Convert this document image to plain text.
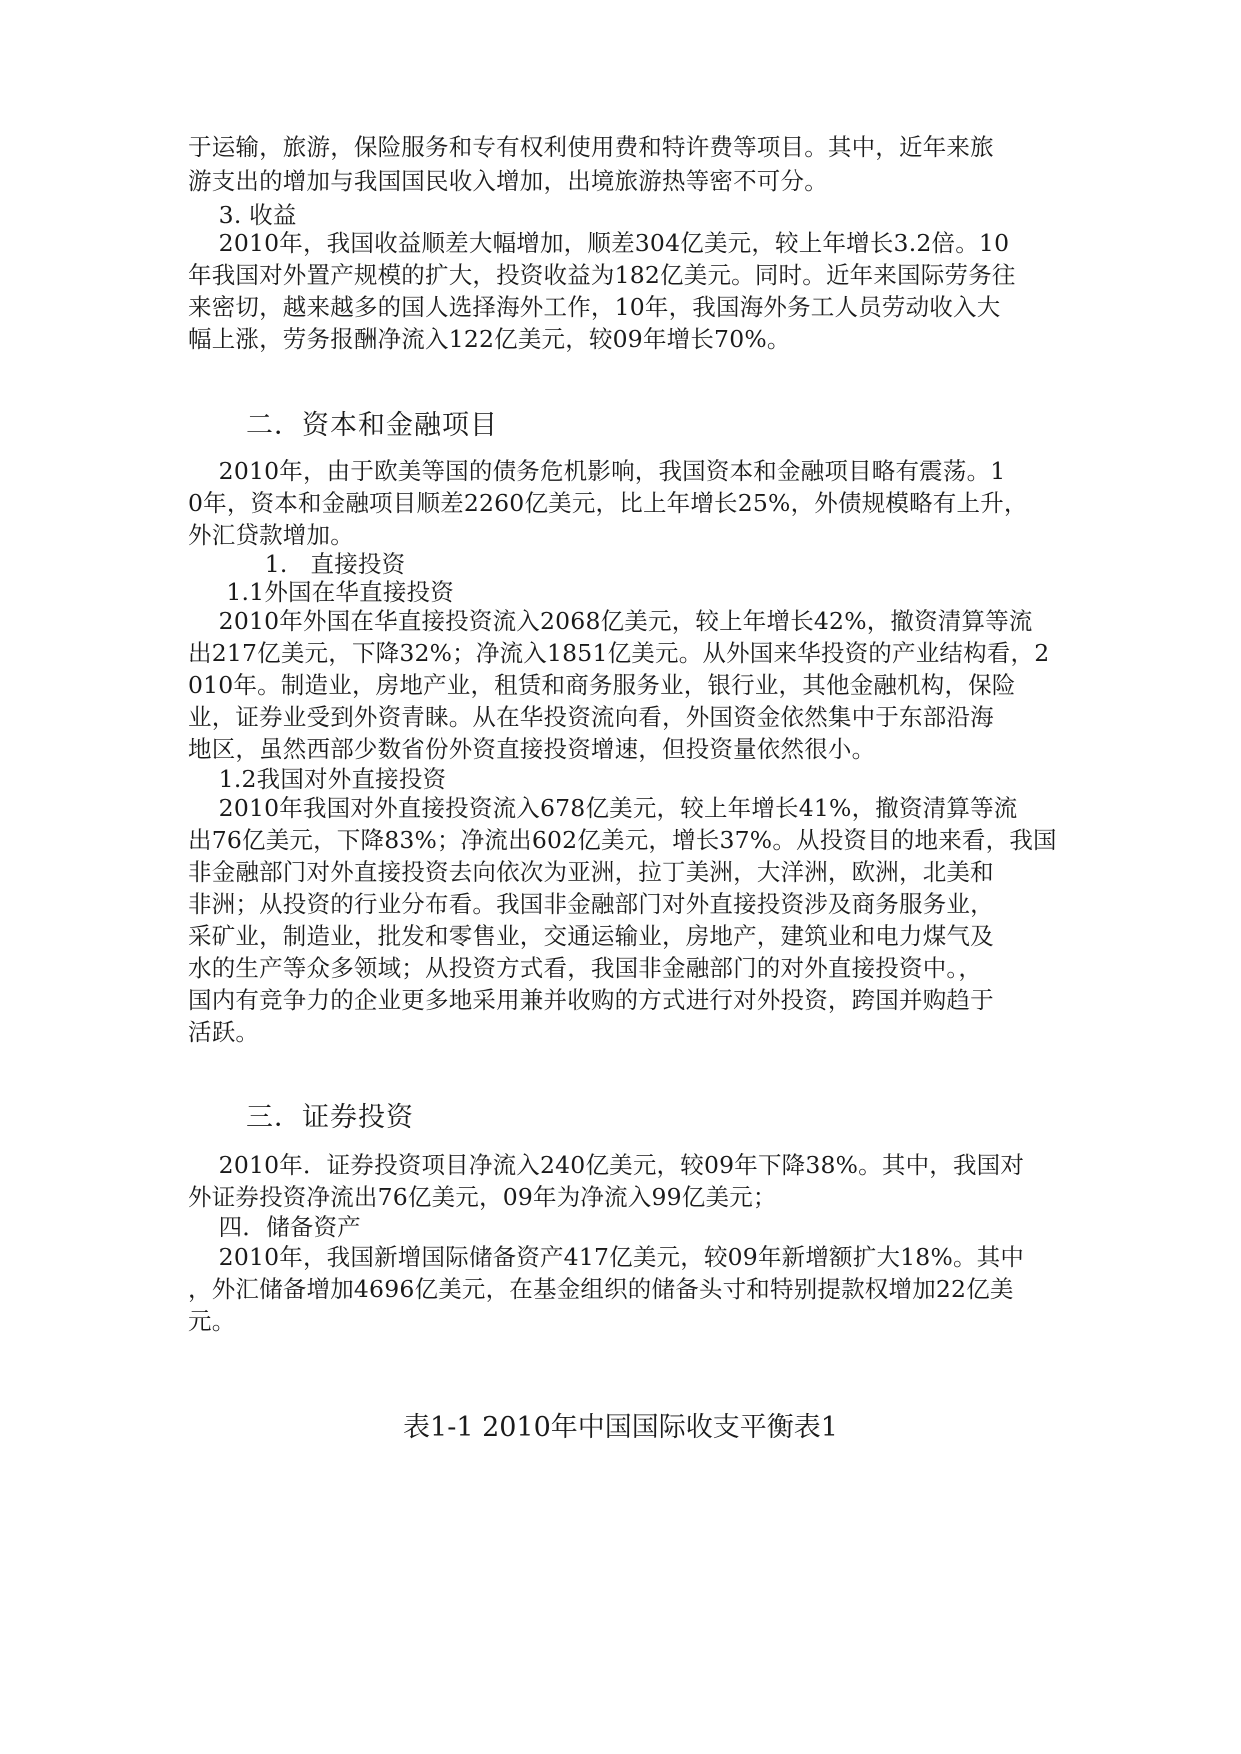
于运输，旅游，保险服务和专有权利使用费和特许费等项目。其中，近年来旅
游支出的增加与我国国民收入增加，出境旅游热等密不可分。
3. 收益
2010年，我国收益顺差大幅增加，顺差304亿美元，较上年增长3.2倍。10
年我国对外置产规模的扩大，投资收益为182亿美元。同时。近年来国际劳务往
来密切，越来越多的国人选择海外工作，10年，我国海外务工人员劳动收入大
幅上涨，劳务报酬净流入122亿美元，较09年增长70%。
二．资本和金融项目
2010年，由于欧美等国的债务危机影响，我国资本和金融项目略有震荡。1
0年，资本和金融项目顺差2260亿美元，比上年增长25%，外债规模略有上升，
外汇贷款增加。
1.   直接投资
1.1外国在华直接投资
2010年外国在华直接投资流入2068亿美元，较上年增长42%，撤资清算等流
出217亿美元，下降32%；净流入1851亿美元。从外国来华投资的产业结构看，2
010年。制造业，房地产业，租赁和商务服务业，银行业，其他金融机构，保险
业，证券业受到外资青睐。从在华投资流向看，外国资金依然集中于东部沿海
地区，虽然西部少数省份外资直接投资增速，但投资量依然很小。
1.2我国对外直接投资
2010年我国对外直接投资流入678亿美元，较上年增长41%，撤资清算等流
出76亿美元，下降83%；净流出602亿美元，增长37%。从投资目的地来看，我国
非金融部门对外直接投资去向依次为亚洲，拉丁美洲，大洋洲，欧洲，北美和
非洲；从投资的行业分布看。我国非金融部门对外直接投资涉及商务服务业，
采矿业，制造业，批发和零售业，交通运输业，房地产，建筑业和电力煤气及
水的生产等众多领域；从投资方式看，我国非金融部门的对外直接投资中。，
国内有竞争力的企业更多地采用兼并收购的方式进行对外投资，跨国并购趋于
活跃。
三．证券投资
2010年．证券投资项目净流入240亿美元，较09年下降38%。其中，我国对
外证券投资净流出76亿美元，09年为净流入99亿美元；
四．储备资产
2010年，我国新增国际储备资产417亿美元，较09年新增额扩大18%。其中
，外汇储备增加4696亿美元，在基金组织的储备头寸和特别提款权增加22亿美
元。
表1-1 2010年中国国际收支平衡表1
